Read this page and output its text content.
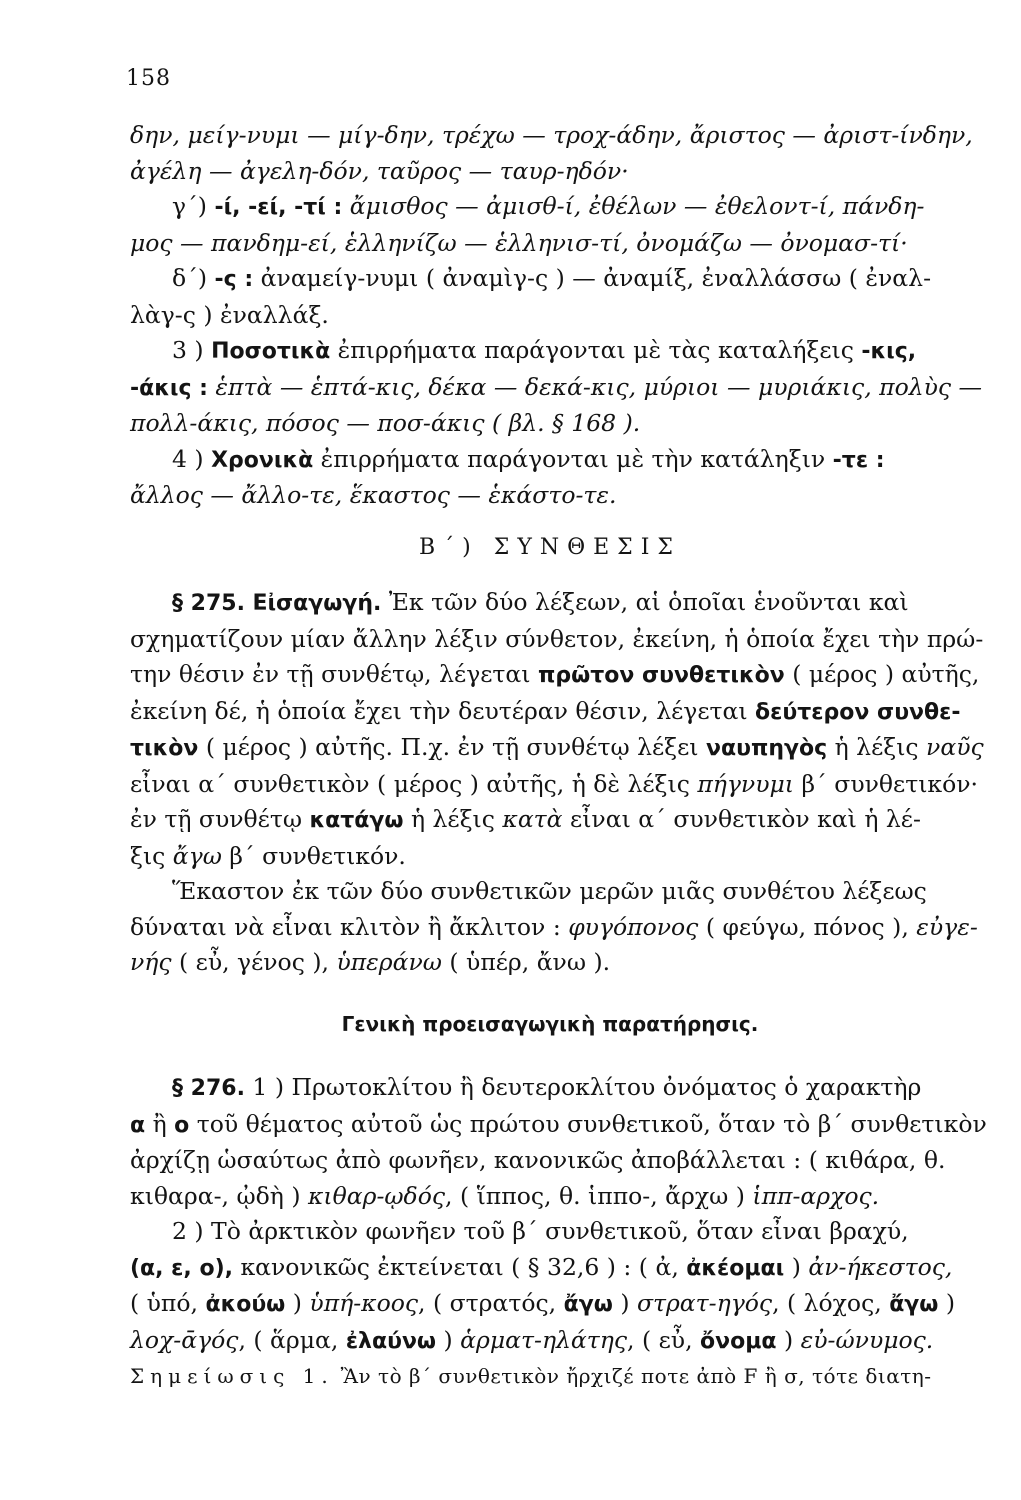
158
δην, μείγ-νυμι — μίγ-δην, τρέχω — τροχ-άδην, ἄριστος — ἀριστ-ίνδην,
ἀγέλη — ἀγελη-δόν, ταῦρος — ταυρ-ηδόν·
γ΄) -ί, -εί, -τί : ἄμισθος — ἀμισθ-ί, ἐθέλων — ἐθελοντ-ί, πάνδη-
μος — πανδημ-εί, ἑλληνίζω — ἑλληνισ-τί, ὀνομάζω — ὀνομασ-τί·
δ΄) -ς : ἀναμείγ-νυμι ( ἀναμὶγ-ς ) — ἀναμίξ, ἐναλλάσσω ( ἐναλ-
λὰγ-ς ) ἐναλλάξ.
3 ) Ποσοτικὰ ἐπιρρήματα παράγονται μὲ τὰς καταλήξεις -κις,
-άκις : ἑπτὰ — ἑπτά-κις, δέκα — δεκά-κις, μύριοι — μυριάκις, πολὺς —
πολλ-άκις, πόσος — ποσ-άκις ( βλ. § 168 ).
4 ) Χρονικὰ ἐπιρρήματα παράγονται μὲ τὴν κατάληξιν -τε :
ἄλλος — ἄλλο-τε, ἕκαστος — ἑκάστο-τε.
Β΄) ΣΥΝΘΕΣΙΣ
§ 275. Εἰσαγωγή. Ἐκ τῶν δύο λέξεων, αἱ ὁποῖαι ἑνοῦνται καὶ
σχηματίζουν μίαν ἄλλην λέξιν σύνθετον, ἐκείνη, ἡ ὁποία ἔχει τὴν πρώ-
την θέσιν ἐν τῇ συνθέτῳ, λέγεται πρῶτον συνθετικὸν ( μέρος ) αὐτῆς,
ἐκείνη δέ, ἡ ὁποία ἔχει τὴν δευτέραν θέσιν, λέγεται δεύτερον συνθε-
τικὸν ( μέρος ) αὐτῆς. Π.χ. ἐν τῇ συνθέτῳ λέξει ναυπηγὸς ἡ λέξις ναῦς
εἶναι α΄ συνθετικὸν ( μέρος ) αὐτῆς, ἡ δὲ λέξις πήγνυμι β΄ συνθετικόν·
ἐν τῇ συνθέτῳ κατάγω ἡ λέξις κατὰ εἶναι α΄ συνθετικὸν καὶ ἡ λέ-
ξις ἄγω β΄ συνθετικόν.
Ἕκαστον ἐκ τῶν δύο συνθετικῶν μερῶν μιᾶς συνθέτου λέξεως
δύναται νὰ εἶναι κλιτὸν ἢ ἄκλιτον : φυγόπονος ( φεύγω, πόνος ), εὐγε-
νής ( εὖ, γένος ), ὑπεράνω ( ὑπέρ, ἄνω ).
Γενικὴ προεισαγωγικὴ παρατήρησις.
§ 276. 1 ) Πρωτοκλίτου ἢ δευτεροκλίτου ὀνόματος ὁ χαρακτὴρ
α ἢ ο τοῦ θέματος αὐτοῦ ὡς πρώτου συνθετικοῦ, ὅταν τὸ β΄ συνθετικὸν
ἀρχίζῃ ὡσαύτως ἀπὸ φωνῆεν, κανονικῶς ἀποβάλλεται : ( κιθάρα, θ.
κιθαρα-, ᾠδὴ ) κιθαρ-ῳδός, ( ἵππος, θ. ἱππο-, ἄρχω ) ἱππ-αρχος.
2 ) Τὸ ἀρκτικὸν φωνῆεν τοῦ β΄ συνθετικοῦ, ὅταν εἶναι βραχύ,
(α, ε, ο), κανονικῶς ἐκτείνεται ( § 32,6 ) : ( ἀ, ἀκέομαι ) ἀν-ήκεστος,
( ὑπό, ἀκούω ) ὑπή-κοος, ( στρατός, ἄγω ) στρατ-ηγός, ( λόχος, ἄγω )
λοχ-ᾱγός, ( ἅρμα, ἐλαύνω ) ἁρματ-ηλάτης, ( εὖ, ὄνομα ) εὐ-ώνυμος.
Σημείωσις 1. Ἂν τὸ β΄ συνθετικὸν ἤρχιζέ ποτε ἀπὸ F ἢ σ, τότε διατη-
